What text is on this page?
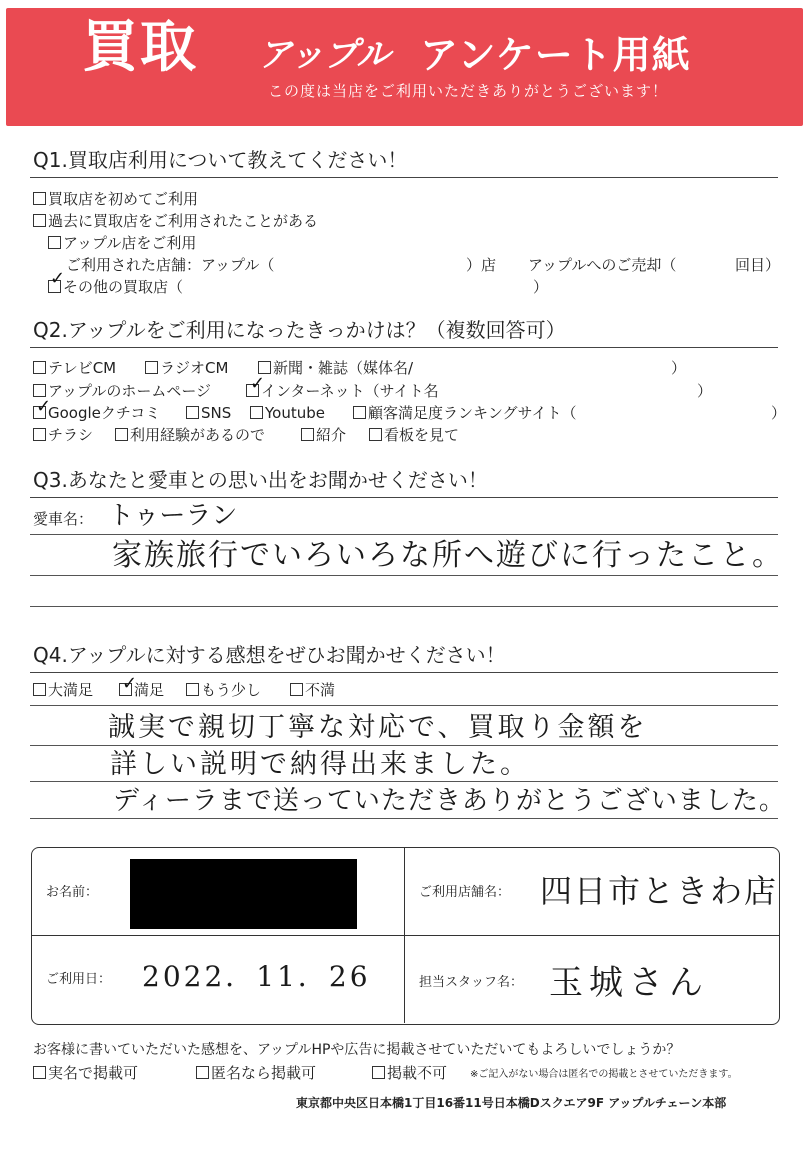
買取 アップル アンケート用紙
この度は当店をご利用いただきありがとうございます！
Q1.買取店利用について教えてください！
買取店を初めてご利用
過去に買取店をご利用されたことがある
アップル店をご利用
ご利用された店舗：アップル（	）店 アップルへのご売却（	回目）
その他の買取店（
✓	）
Q2.アップルをご利用になったきっかけは？（複数回答可）
テレビCM	ラジオCM	新聞・雑誌（媒体名/	）
アップルのホームページ	インターネット（サイト名
✓	）
Googleクチコミ
✓	SNS	Youtube	顧客満足度ランキングサイト（	）
チラシ	利用経験があるので	紹介	看板を見て
Q3.あなたと愛車との思い出をお聞かせください！
愛車名： トゥーラン
家族旅行でいろいろな所へ遊びに行ったこと。
Q4.アップルに対する感想をぜひお聞かせください！
大満足	満足
✓	もう少し	不満
誠実で親切丁寧な対応で、買取り金額を
詳しい説明で納得出来ました。
ディーラまで送っていただきありがとうございました。
お名前：	ご利用店舗名： 四日市ときわ店
ご利用日： 2022．11．26	担当スタッフ名： 玉城さん
お客様に書いていただいた感想を、アップルHPや広告に掲載させていただいてもよろしいでしょうか？
実名で掲載可	匿名なら掲載可	掲載不可 ※ご記入がない場合は匿名での掲載とさせていただきます。
東京都中央区日本橋1丁目16番11号日本橋Dスクエア9F アップルチェーン本部
